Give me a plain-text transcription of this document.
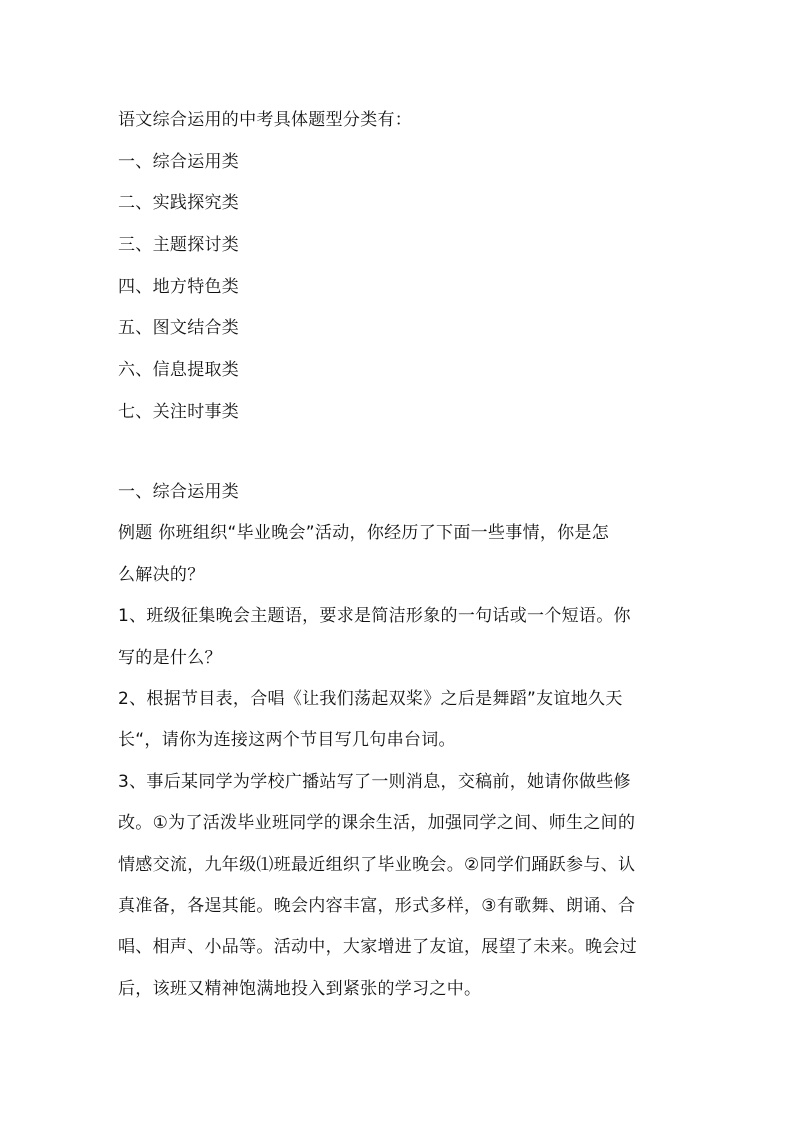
语文综合运用的中考具体题型分类有：
一、综合运用类
二、实践探究类
三、主题探讨类
四、地方特色类
五、图文结合类
六、信息提取类
七、关注时事类
一、综合运用类
例题 你班组织“毕业晚会”活动，你经历了下面一些事情，你是怎
么解决的？
1、班级征集晚会主题语，要求是简洁形象的一句话或一个短语。你
写的是什么？
2、根据节目表，合唱《让我们荡起双桨》之后是舞蹈”友谊地久天
长“，请你为连接这两个节目写几句串台词。
3、事后某同学为学校广播站写了一则消息，交稿前，她请你做些修
改。①为了活泼毕业班同学的课余生活，加强同学之间、师生之间的
情感交流，九年级⑴班最近组织了毕业晚会。②同学们踊跃参与、认
真准备，各逞其能。晚会内容丰富，形式多样，③有歌舞、朗诵、合
唱、相声、小品等。活动中，大家增进了友谊，展望了未来。晚会过
后，该班又精神饱满地投入到紧张的学习之中。
